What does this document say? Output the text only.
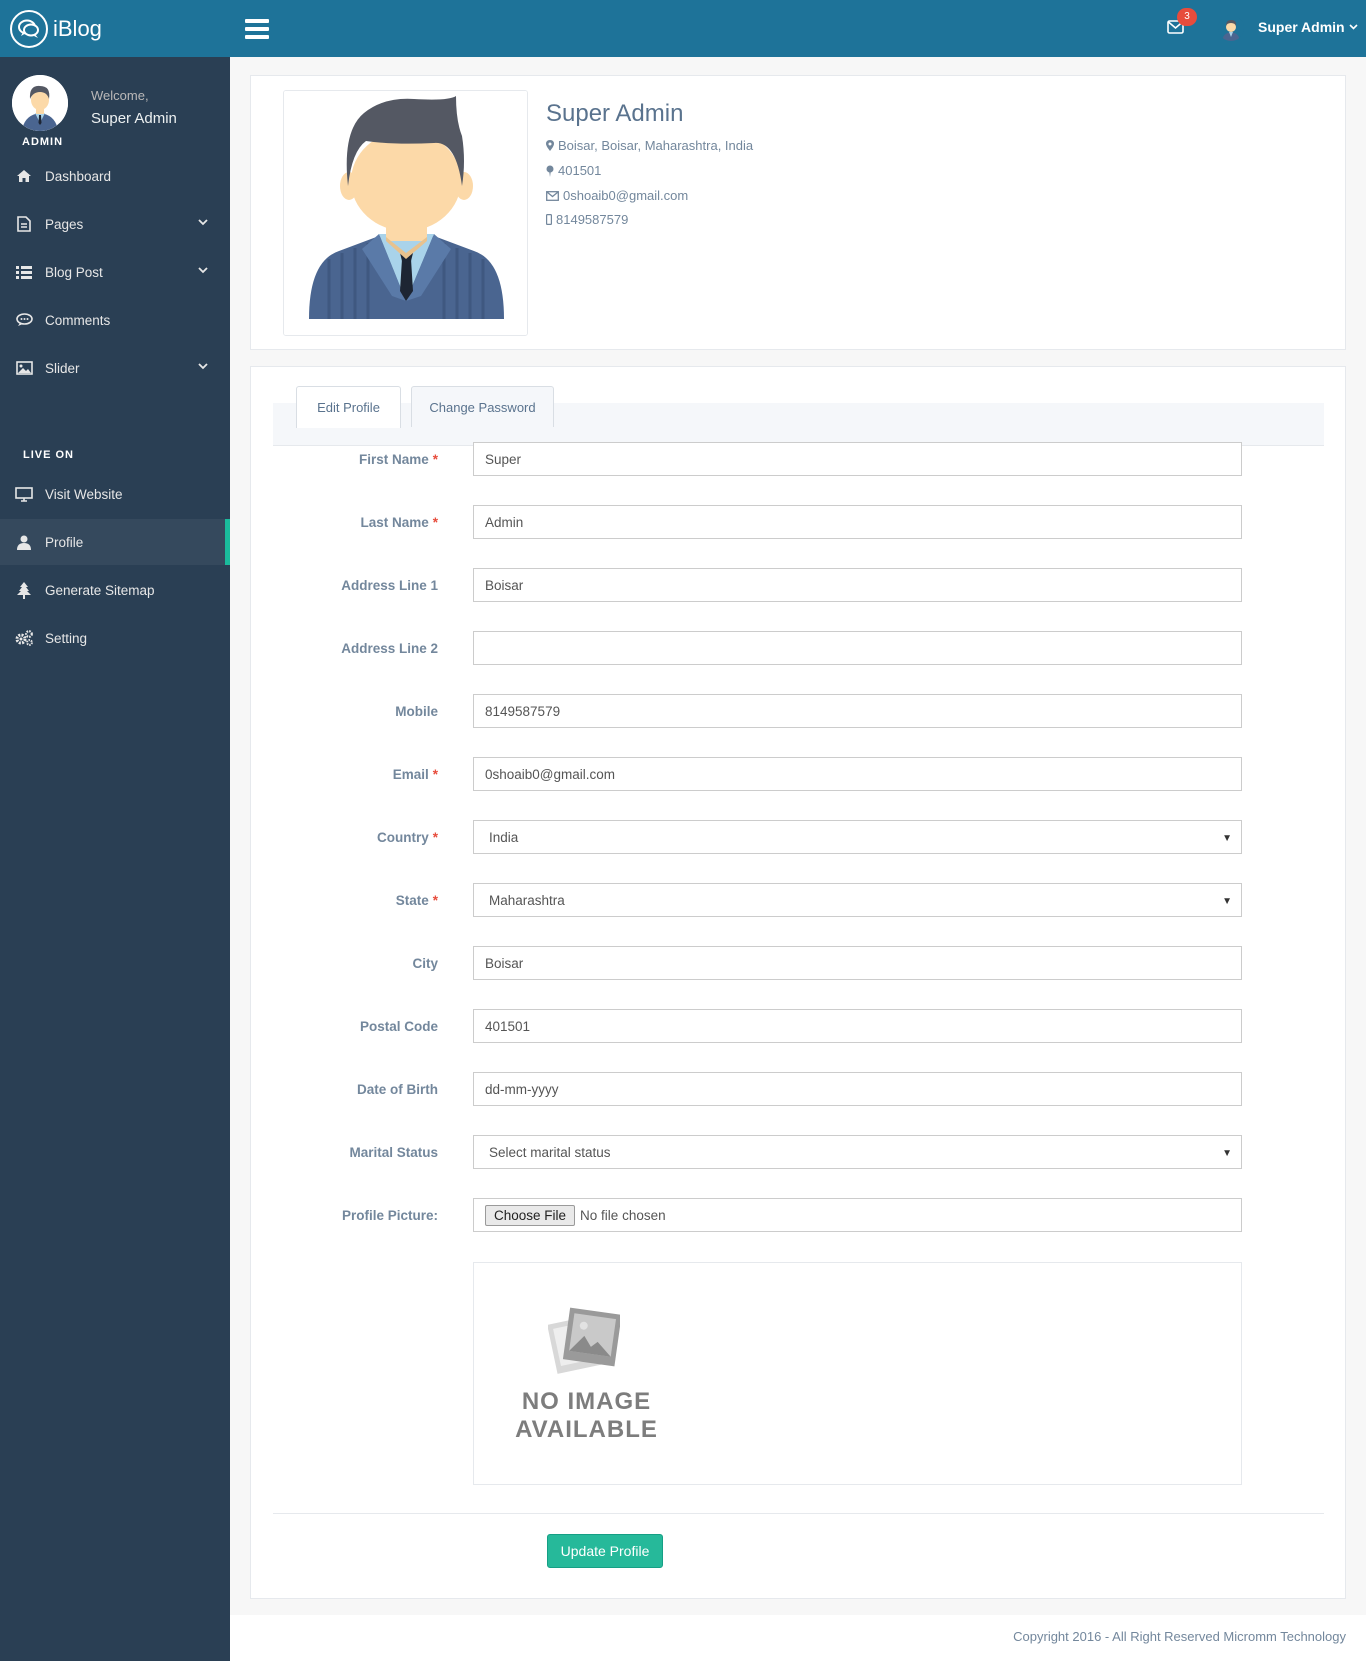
iBlog	3
Super Admin
ADMIN
Welcome,
Super Admin
Dashboard
Pages
Blog Post
Comments
Slider
LIVE ON
Visit Website
Profile
Generate Sitemap
Setting
Super Admin
Boisar, Boisar, Maharashtra, India
401501
0shoaib0@gmail.com
8149587579
Edit Profile	Change Password
First Name *	Super
Last Name *	Admin
Address Line 1	Boisar
Address Line 2
Mobile	8149587579
Email *	0shoaib0@gmail.com
Country *	India	▼
State *	Maharashtra	▼
City	Boisar
Postal Code	401501
Date of Birth	dd-mm-yyyy
Marital Status	Select marital status	▼
Profile Picture:	Choose File	No file chosen
NO IMAGE
AVAILABLE
Update Profile
Copyright 2016 - All Right Reserved Micromm Technology
